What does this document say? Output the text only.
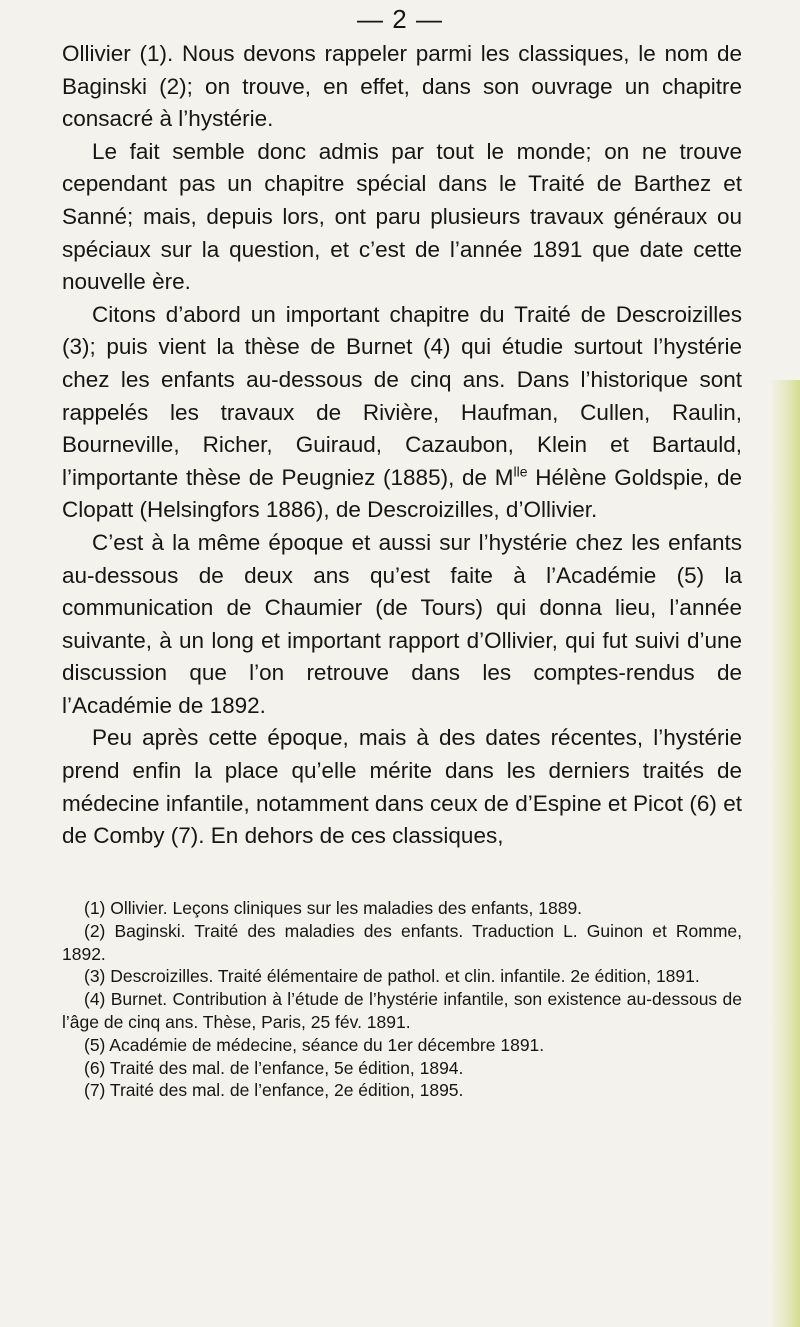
— 2 —

Ollivier (1). Nous devons rappeler parmi les classiques, le nom de Baginski (2); on trouve, en effet, dans son ouvrage un chapitre consacré à l’hystérie.

Le fait semble donc admis par tout le monde; on ne trouve cependant pas un chapitre spécial dans le Traité de Barthez et Sanné; mais, depuis lors, ont paru plusieurs travaux généraux ou spéciaux sur la question, et c’est de l’année 1891 que date cette nouvelle ère.

Citons d’abord un important chapitre du Traité de Descroizilles (3); puis vient la thèse de Burnet (4) qui étudie surtout l’hystérie chez les enfants au-dessous de cinq ans. Dans l’historique sont rappelés les travaux de Rivière, Haufman, Cullen, Raulin, Bourneville, Richer, Guiraud, Cazaubon, Klein et Bartauld, l’importante thèse de Peugniez (1885), de $M^{lle}$ Hélène Goldspie, de Clopatt (Helsingfors 1886), de Descroizilles, d’Ollivier.

C’est à la même époque et aussi sur l’hystérie chez les enfants au-dessous de deux ans qu’est faite à l’Académie (5) la communication de Chaumier (de Tours) qui donna lieu, l’année suivante, à un long et important rapport d’Ollivier, qui fut suivi d’une discussion que l’on retrouve dans les comptes-rendus de l’Académie de 1892.

Peu après cette époque, mais à des dates récentes, l’hystérie prend enfin la place qu’elle mérite dans les derniers traités de médecine infantile, notamment dans ceux de d’Espine et Picot (6) et de Comby (7). En dehors de ces classiques,

(1) Ollivier. Leçons cliniques sur les maladies des enfants, 1889.

(2) Baginski. Traité des maladies des enfants. Traduction L. Guinon et Romme, 1892.

(3) Descroizilles. Traité élémentaire de pathol. et clin. infantile. 2e édition, 1891.

(4) Burnet. Contribution à l’étude de l’hystérie infantile, son existence au-dessous de l’âge de cinq ans. Thèse, Paris, 25 fév. 1891.

(5) Académie de médecine, séance du 1er décembre 1891.

(6) Traité des mal. de l’enfance, 5e édition, 1894.

(7) Traité des mal. de l’enfance, 2e édition, 1895.
